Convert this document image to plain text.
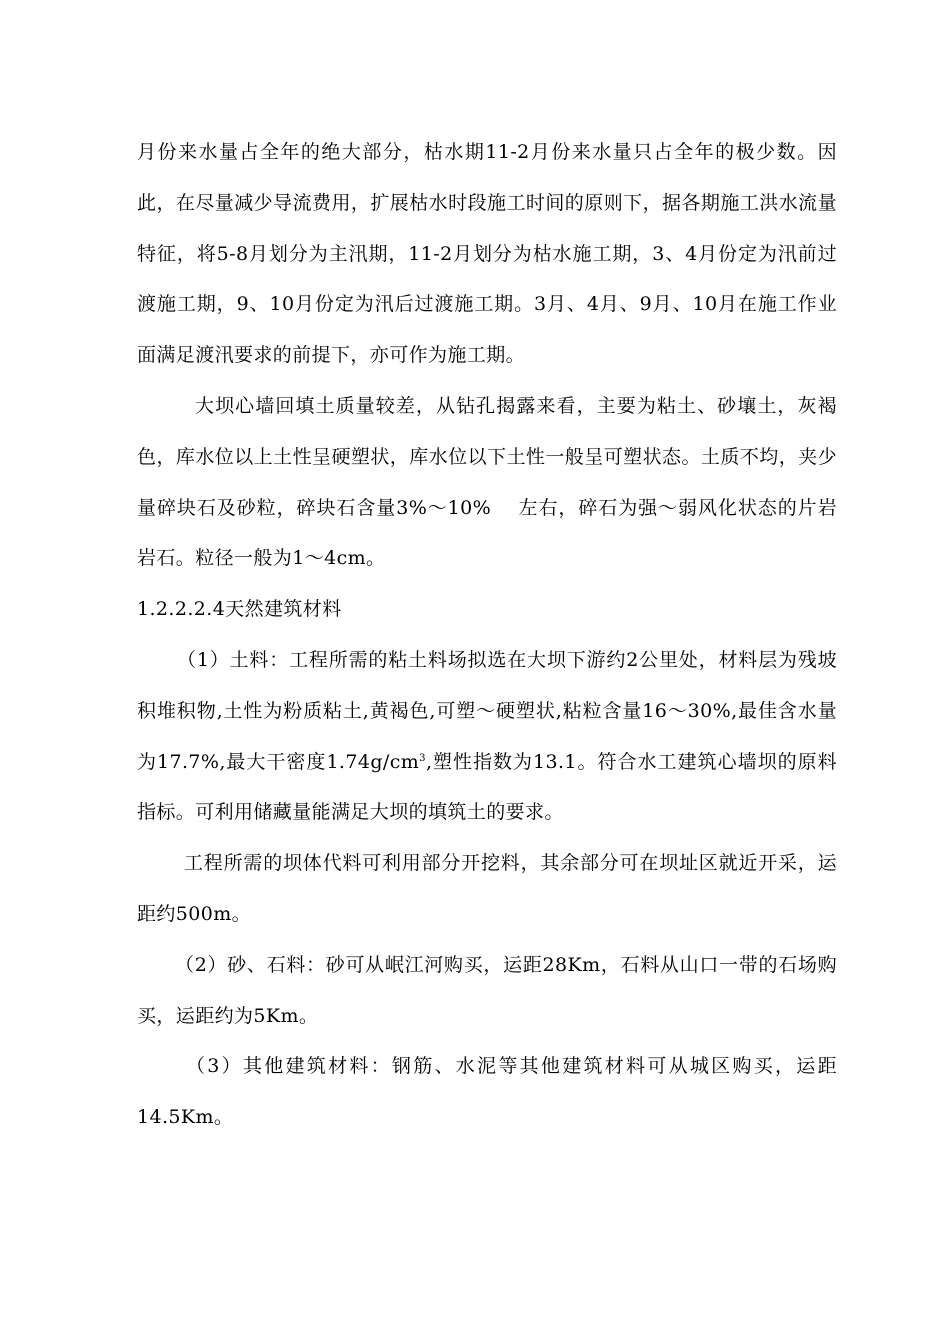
月份来水量占全年的绝大部分，枯水期11-2月份来水量只占全年的极少数。因此，在尽量减少导流费用，扩展枯水时段施工时间的原则下，据各期施工洪水流量特征，将5-8月划分为主汛期，11-2月划分为枯水施工期，3、4月份定为汛前过渡施工期，9、10月份定为汛后过渡施工期。3月、4月、9月、10月在施工作业面满足渡汛要求的前提下，亦可作为施工期。

大坝心墙回填土质量较差，从钻孔揭露来看，主要为粘土、砂壤土，灰褐色，库水位以上土性呈硬塑状，库水位以下土性一般呈可塑状态。土质不均，夹少量碎块石及砂粒，碎块石含量3%～10%　 左右，碎石为强～弱风化状态的片岩岩石。粒径一般为1～4cm。

1.2.2.2.4天然建筑材料

（1）土料：工程所需的粘土料场拟选在大坝下游约2公里处，材料层为残坡积堆积物,土性为粉质粘土,黄褐色,可塑～硬塑状,粘粒含量16～30%,最佳含水量为17.7%,最大干密度$1.74g/cm^3$,塑性指数为13.1。符合水工建筑心墙坝的原料指标。可利用储藏量能满足大坝的填筑土的要求。

工程所需的坝体代料可利用部分开挖料，其余部分可在坝址区就近开采，运距约500m。

（2）砂、石料：砂可从岷江河购买，运距28Km，石料从山口一带的石场购买，运距约为5Km。

（3）其他建筑材料：钢筋、水泥等其他建筑材料可从城区购买，运距14.5Km。
